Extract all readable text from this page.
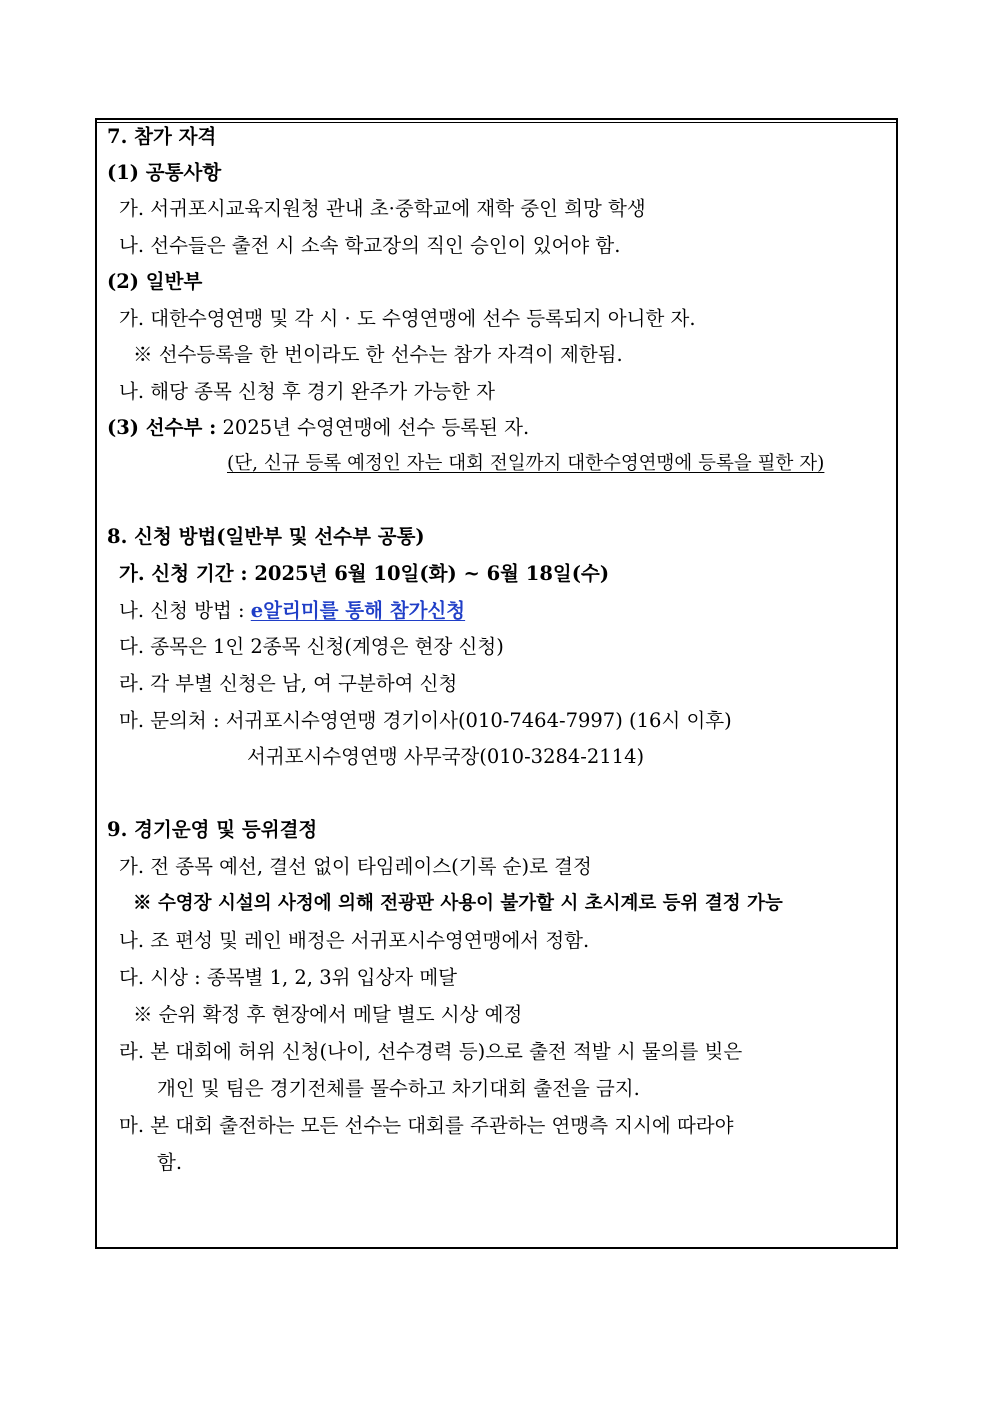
7. 참가 자격
(1) 공통사항
가. 서귀포시교육지원청 관내 초·중학교에 재학 중인 희망 학생
나. 선수들은 출전 시 소속 학교장의 직인 승인이 있어야 함.
(2) 일반부
가. 대한수영연맹 및 각 시 · 도 수영연맹에 선수 등록되지 아니한 자.
※ 선수등록을 한 번이라도 한 선수는 참가 자격이 제한됨.
나. 해당 종목 신청 후 경기 완주가 가능한 자
(3) 선수부 : 2025년 수영연맹에 선수 등록된 자.
(단, 신규 등록 예정인 자는 대회 전일까지 대한수영연맹에 등록을 필한 자)
8. 신청 방법(일반부 및 선수부 공통)
가. 신청 기간 : 2025년 6월 10일(화) ~ 6월 18일(수)
나. 신청 방법 : e알리미를 통해 참가신청
다. 종목은 1인 2종목 신청(계영은 현장 신청)
라. 각 부별 신청은 남, 여 구분하여 신청
마. 문의처 : 서귀포시수영연맹 경기이사(010-7464-7997) (16시 이후)
서귀포시수영연맹 사무국장(010-3284-2114)
9. 경기운영 및 등위결정
가. 전 종목 예선, 결선 없이 타임레이스(기록 순)로 결정
※ 수영장 시설의 사정에 의해 전광판 사용이 불가할 시 초시계로 등위 결정 가능
나. 조 편성 및 레인 배정은 서귀포시수영연맹에서 정함.
다. 시상 : 종목별 1, 2, 3위 입상자 메달
※ 순위 확정 후 현장에서 메달 별도 시상 예정
라. 본 대회에 허위 신청(나이, 선수경력 등)으로 출전 적발 시 물의를 빚은
개인 및 팀은 경기전체를 몰수하고 차기대회 출전을 금지.
마. 본 대회 출전하는 모든 선수는 대회를 주관하는 연맹측 지시에 따라야
함.
